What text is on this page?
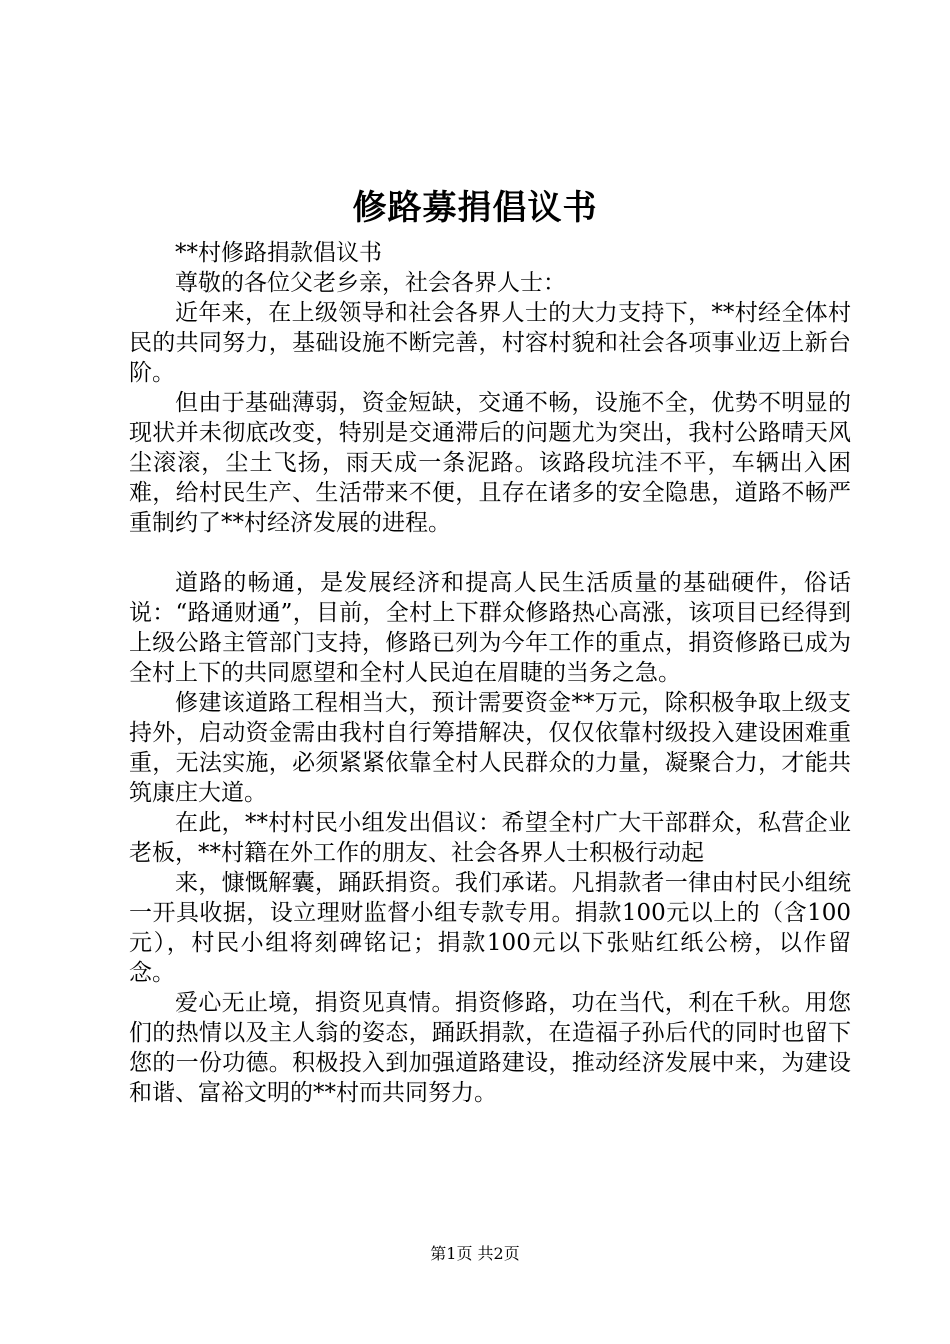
修路募捐倡议书

**村修路捐款倡议书

尊敬的各位父老乡亲，社会各界人士：

近年来，在上级领导和社会各界人士的大力支持下，**村经全体村民的共同努力，基础设施不断完善，村容村貌和社会各项事业迈上新台阶。

但由于基础薄弱，资金短缺，交通不畅，设施不全，优势不明显的现状并未彻底改变，特别是交通滞后的问题尤为突出，我村公路晴天风尘滚滚，尘土飞扬，雨天成一条泥路。该路段坑洼不平，车辆出入困难，给村民生产、生活带来不便，且存在诸多的安全隐患，道路不畅严重制约了**村经济发展的进程。

道路的畅通，是发展经济和提高人民生活质量的基础硬件，俗话说：“路通财通”，目前，全村上下群众修路热心高涨，该项目已经得到上级公路主管部门支持，修路已列为今年工作的重点，捐资修路已成为全村上下的共同愿望和全村人民迫在眉睫的当务之急。

修建该道路工程相当大，预计需要资金**万元，除积极争取上级支持外，启动资金需由我村自行筹措解决，仅仅依靠村级投入建设困难重重，无法实施，必须紧紧依靠全村人民群众的力量，凝聚合力，才能共筑康庄大道。

在此，**村村民小组发出倡议：希望全村广大干部群众，私营企业老板，**村籍在外工作的朋友、社会各界人士积极行动起

来，慷慨解囊，踊跃捐资。我们承诺。凡捐款者一律由村民小组统一开具收据，设立理财监督小组专款专用。捐款100元以上的（含100元），村民小组将刻碑铭记；捐款100元以下张贴红纸公榜，以作留念。

爱心无止境，捐资见真情。捐资修路，功在当代，利在千秋。用您们的热情以及主人翁的姿态，踊跃捐款，在造福子孙后代的同时也留下您的一份功德。积极投入到加强道路建设，推动经济发展中来，为建设和谐、富裕文明的**村而共同努力。

第1页 共2页
